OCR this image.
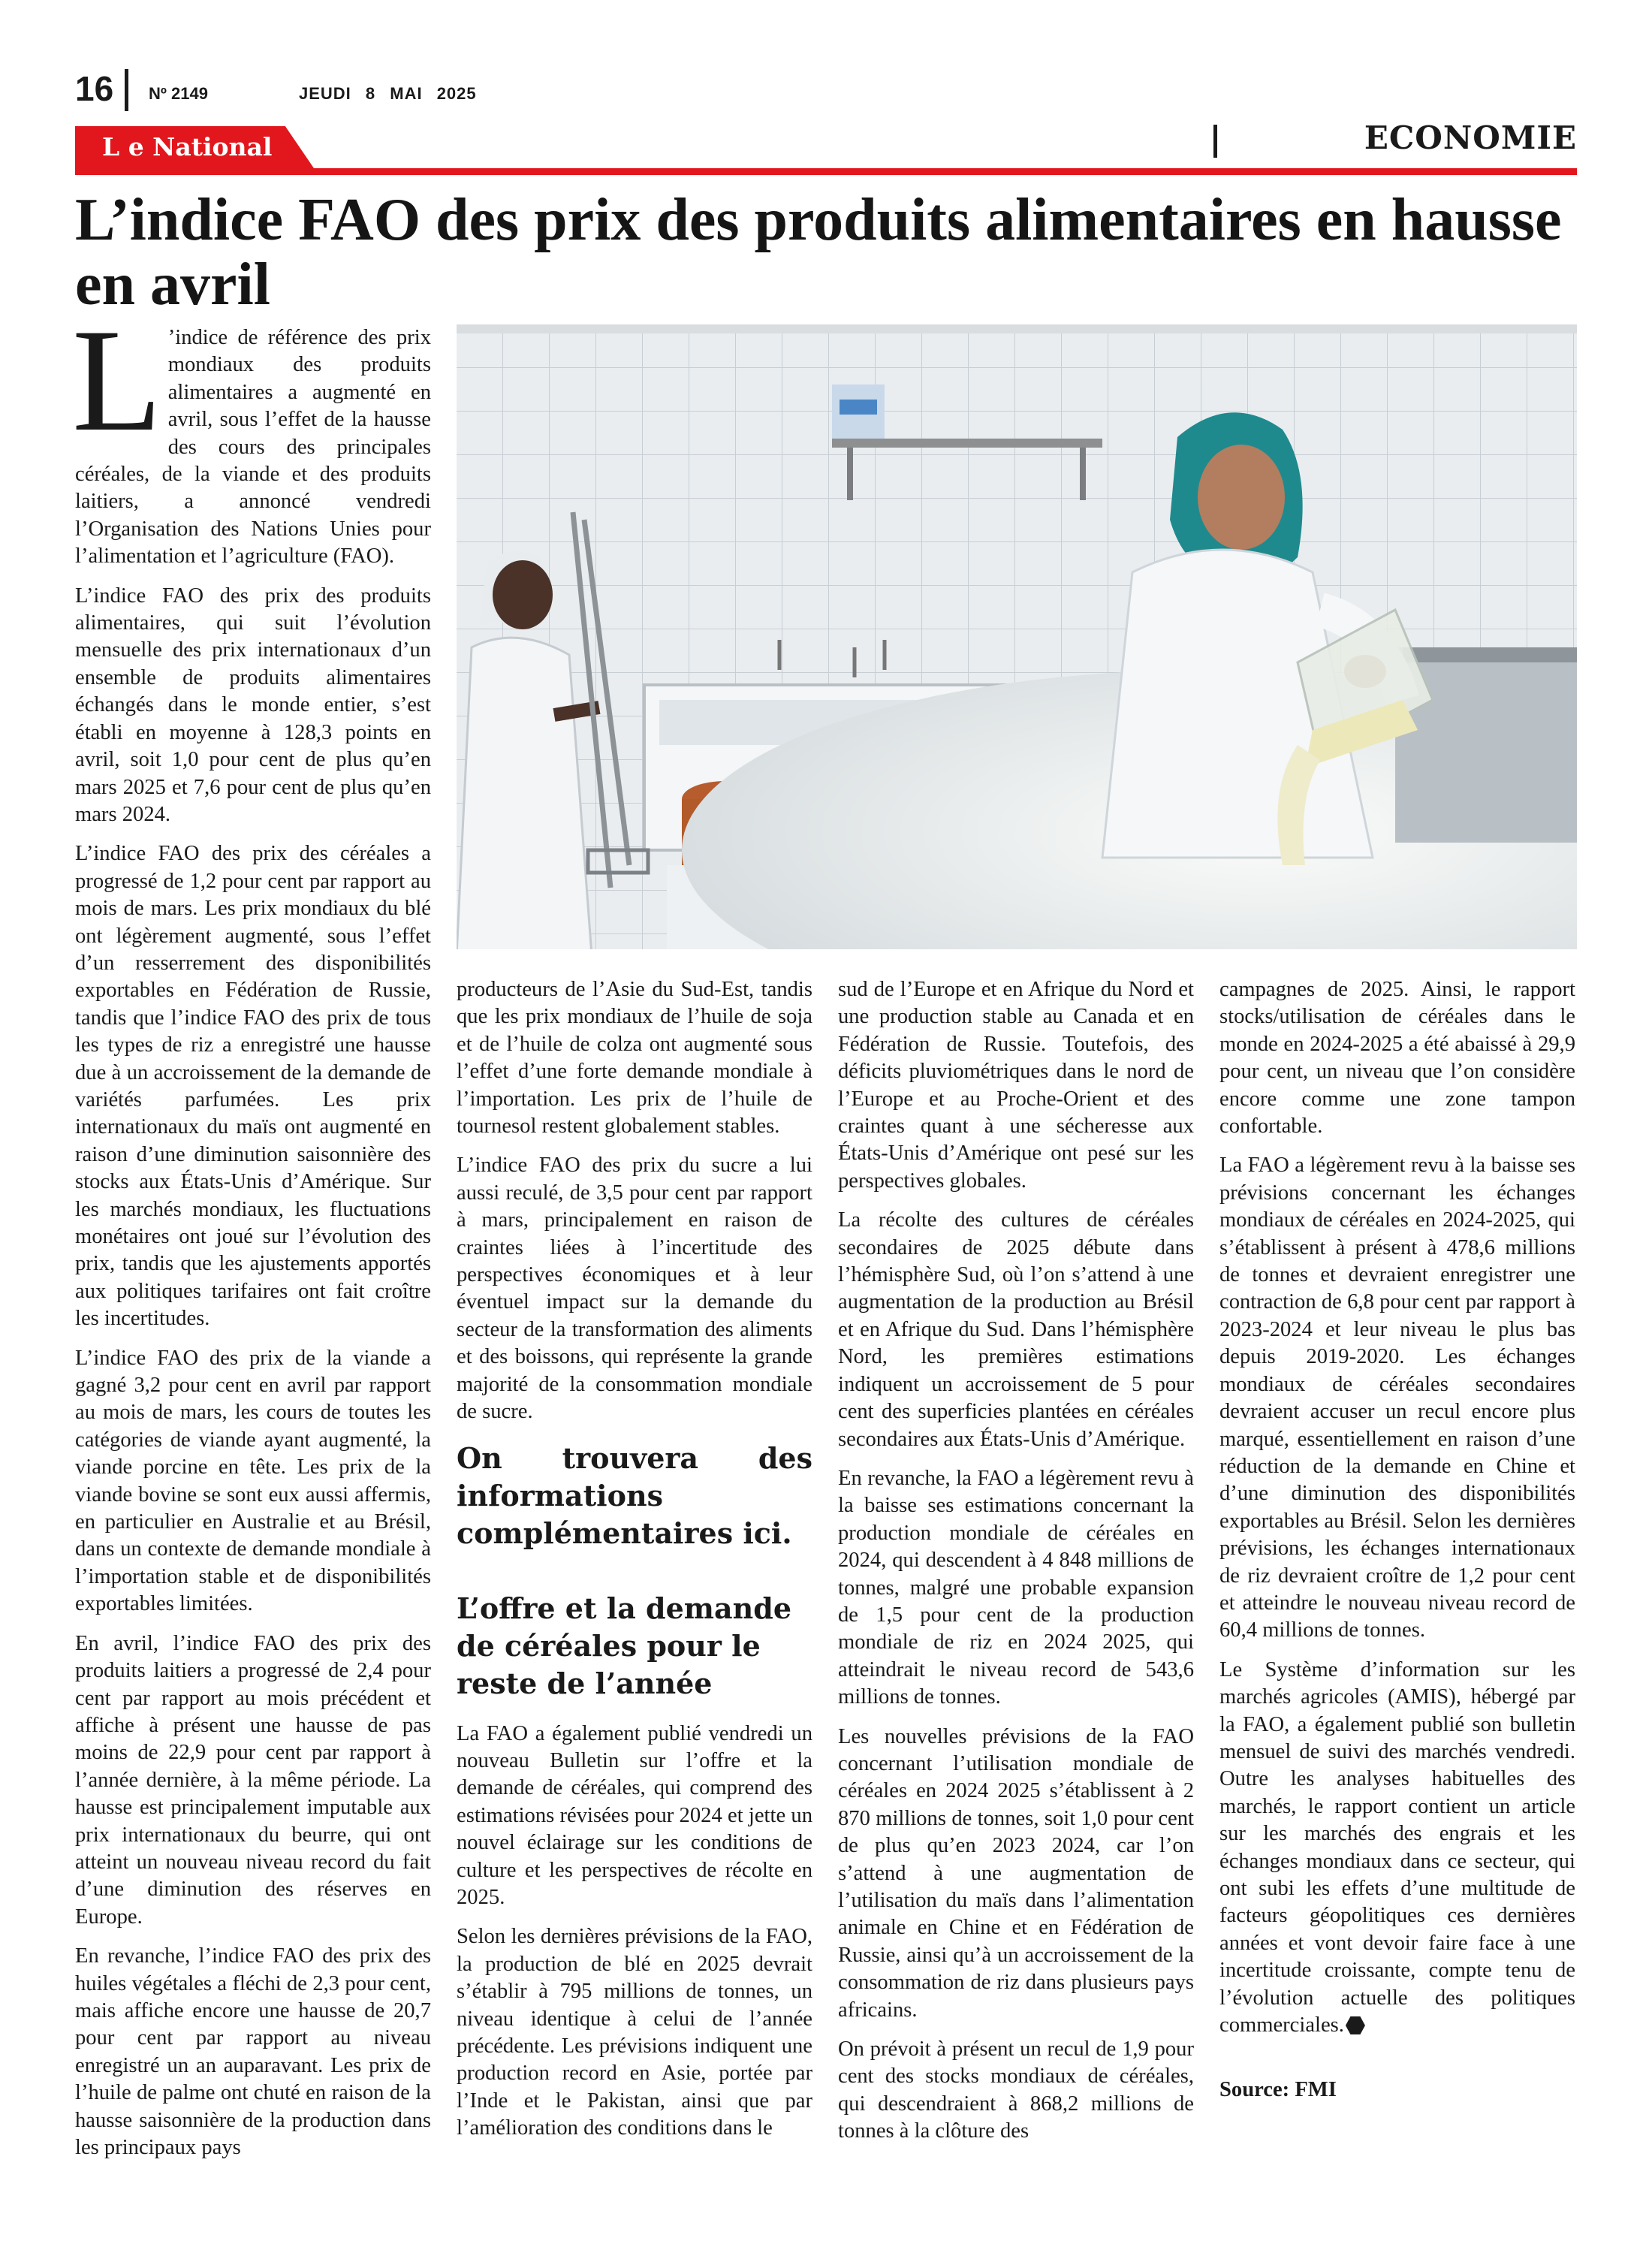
16 Nº 2149	JEUDI 8 MAI 2025
L e National	ECONOMIE
L’indice FAO des prix des produits alimentaires en hausse en avril

L ’indice de référence des prix mondiaux des produits alimentaires a augmenté en avril, sous l’effet de la hausse des cours des principales céréales, de la viande et des produits laitiers, a annoncé vendredi l’Organisation des Nations Unies pour l’alimentation et l’agriculture (FAO).

L’indice FAO des prix des produits alimentaires, qui suit l’évolution mensuelle des prix internationaux d’un ensemble de produits alimentaires échangés dans le monde entier, s’est établi en moyenne à 128,3 points en avril, soit 1,0 pour cent de plus qu’en mars 2025 et 7,6 pour cent de plus qu’en mars 2024.

L’indice FAO des prix des céréales a progressé de 1,2 pour cent par rapport au mois de mars. Les prix mondiaux du blé ont légèrement augmenté, sous l’effet d’un resserrement des disponibilités exportables en Fédération de Russie, tandis que l’indice FAO des prix de tous les types de riz a enregistré une hausse due à un accroissement de la demande de variétés parfumées. Les prix internationaux du maïs ont augmenté en raison d’une diminution saisonnière des stocks aux États-Unis d’Amérique. Sur les marchés mondiaux, les fluctuations monétaires ont joué sur l’évolution des prix, tandis que les ajustements apportés aux politiques tarifaires ont fait croître les incertitudes.

L’indice FAO des prix de la viande a gagné 3,2 pour cent en avril par rapport au mois de mars, les cours de toutes les catégories de viande ayant augmenté, la viande porcine en tête. Les prix de la viande bovine se sont eux aussi affermis, en particulier en Australie et au Brésil, dans un contexte de demande mondiale à l’importation stable et de disponibilités exportables limitées.

En avril, l’indice FAO des prix des produits laitiers a progressé de 2,4 pour cent par rapport au mois précédent et affiche à présent une hausse de pas moins de 22,9 pour cent par rapport à l’année dernière, à la même période. La hausse est principalement imputable aux prix internationaux du beurre, qui ont atteint un nouveau niveau record du fait d’une diminution des réserves en Europe.

En revanche, l’indice FAO des prix des huiles végétales a fléchi de 2,3 pour cent, mais affiche encore une hausse de 20,7 pour cent par rapport au niveau enregistré un an auparavant. Les prix de l’huile de palme ont chuté en raison de la hausse saisonnière de la production dans les principaux pays

producteurs de l’Asie du Sud-Est, tandis que les prix mondiaux de l’huile de soja et de l’huile de colza ont augmenté sous l’effet d’une forte demande mondiale à l’importation. Les prix de l’huile de tournesol restent globalement stables.

L’indice FAO des prix du sucre a lui aussi reculé, de 3,5 pour cent par rapport à mars, principalement en raison de craintes liées à l’incertitude des perspectives économiques et à leur éventuel impact sur la demande du secteur de la transformation des aliments et des boissons, qui représente la grande majorité de la consommation mondiale de sucre.

On trouvera des informations complémentaires ici.
L’offre et la demande de céréales pour le reste de l’année

La FAO a également publié vendredi un nouveau Bulletin sur l’offre et la demande de céréales, qui comprend des estimations révisées pour 2024 et jette un nouvel éclairage sur les conditions de culture et les perspectives de récolte en 2025.

Selon les dernières prévisions de la FAO, la production de blé en 2025 devrait s’établir à 795 millions de tonnes, un niveau identique à celui de l’année précédente. Les prévisions indiquent une production record en Asie, portée par l’Inde et le Pakistan, ainsi que par l’amélioration des conditions dans le

sud de l’Europe et en Afrique du Nord et une production stable au Canada et en Fédération de Russie. Toutefois, des déficits pluviométriques dans le nord de l’Europe et au Proche-Orient et des craintes quant à une sécheresse aux États-Unis d’Amérique ont pesé sur les perspectives globales.

La récolte des cultures de céréales secondaires de 2025 débute dans l’hémisphère Sud, où l’on s’attend à une augmentation de la production au Brésil et en Afrique du Sud. Dans l’hémisphère Nord, les premières estimations indiquent un accroissement de 5 pour cent des superficies plantées en céréales secondaires aux États-Unis d’Amérique.

En revanche, la FAO a légèrement revu à la baisse ses estimations concernant la production mondiale de céréales en 2024, qui descendent à 4 848 millions de tonnes, malgré une probable expansion de 1,5 pour cent de la production mondiale de riz en 2024 2025, qui atteindrait le niveau record de 543,6 millions de tonnes.

Les nouvelles prévisions de la FAO concernant l’utilisation mondiale de céréales en 2024 2025 s’établissent à 2 870 millions de tonnes, soit 1,0 pour cent de plus qu’en 2023 2024, car l’on s’attend à une augmentation de l’utilisation du maïs dans l’alimentation animale en Chine et en Fédération de Russie, ainsi qu’à un accroissement de la consommation de riz dans plusieurs pays africains.

On prévoit à présent un recul de 1,9 pour cent des stocks mondiaux de céréales, qui descendraient à 868,2 millions de tonnes à la clôture des

campagnes de 2025. Ainsi, le rapport stocks/utilisation de céréales dans le monde en 2024-2025 a été abaissé à 29,9 pour cent, un niveau que l’on considère encore comme une zone tampon confortable.

La FAO a légèrement revu à la baisse ses prévisions concernant les échanges mondiaux de céréales en 2024-2025, qui s’établissent à présent à 478,6 millions de tonnes et devraient enregistrer une contraction de 6,8 pour cent par rapport à 2023-2024 et leur niveau le plus bas depuis 2019-2020. Les échanges mondiaux de céréales secondaires devraient accuser un recul encore plus marqué, essentiellement en raison d’une réduction de la demande en Chine et d’une diminution des disponibilités exportables au Brésil. Selon les dernières prévisions, les échanges internationaux de riz devraient croître de 1,2 pour cent et atteindre le nouveau niveau record de 60,4 millions de tonnes.

Le Système d’information sur les marchés agricoles (AMIS), hébergé par la FAO, a également publié son bulletin mensuel de suivi des marchés vendredi. Outre les analyses habituelles des marchés, le rapport contient un article sur les marchés des engrais et les échanges mondiaux dans ce secteur, qui ont subi les effets d’une multitude de facteurs géopolitiques ces dernières années et vont devoir faire face à une incertitude croissante, compte tenu de l’évolution actuelle des politiques commerciales.

Source: FMI
